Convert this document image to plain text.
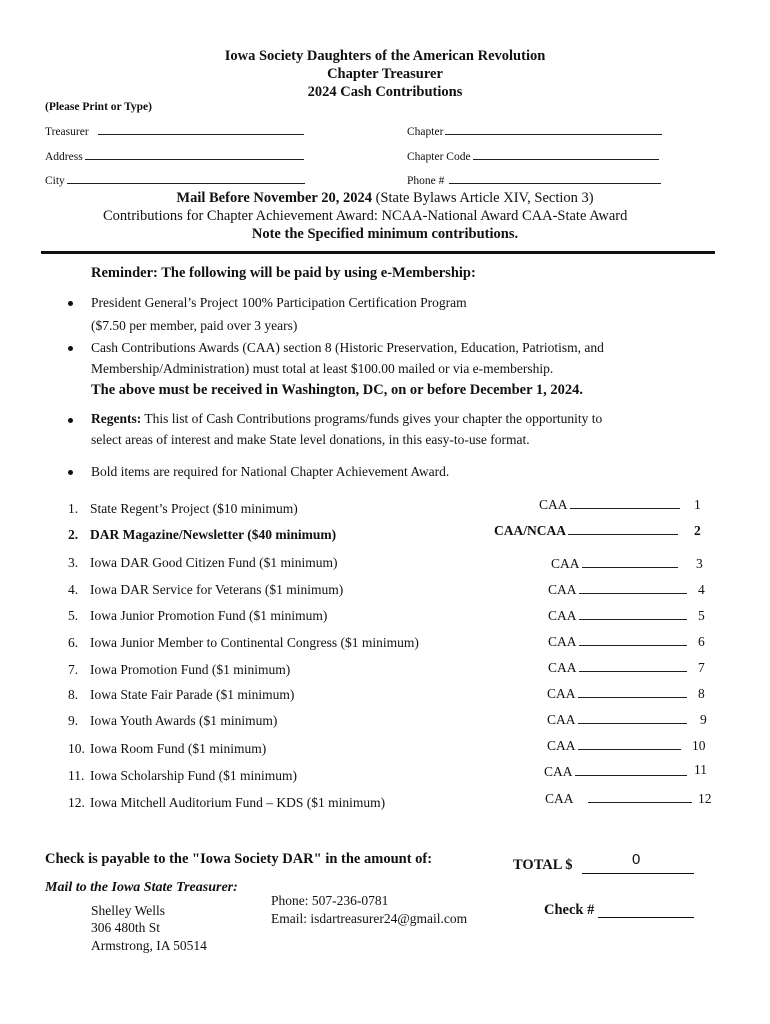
Iowa Society Daughters of the American Revolution
Chapter Treasurer
2024 Cash Contributions
(Please Print or Type)
Treasurer	Chapter
Address	Chapter Code
City	Phone #
Mail Before November 20, 2024 (State Bylaws Article XIV, Section 3)
Contributions for Chapter Achievement Award: NCAA-National Award CAA-State Award
Note the Specified minimum contributions.
Reminder: The following will be paid by using e-Membership:
President General’s Project 100% Participation Certification Program
($7.50 per member, paid over 3 years)
Cash Contributions Awards (CAA) section 8 (Historic Preservation, Education, Patriotism, and
Membership/Administration) must total at least $100.00 mailed or via e-membership.
The above must be received in Washington, DC, on or before December 1, 2024.
Regents: This list of Cash Contributions programs/funds gives your chapter the opportunity to
select areas of interest and make State level donations, in this easy-to-use format.
Bold items are required for National Chapter Achievement Award.
1. State Regent’s Project ($10 minimum)	CAA	1
2. DAR Magazine/Newsletter ($40 minimum)	CAA/NCAA	2
3. Iowa DAR Good Citizen Fund ($1 minimum)	CAA	3
4. Iowa DAR Service for Veterans ($1 minimum)	CAA	4
5. Iowa Junior Promotion Fund ($1 minimum)	CAA	5
6. Iowa Junior Member to Continental Congress ($1 minimum)	CAA	6
7. Iowa Promotion Fund ($1 minimum)	CAA	7
8. Iowa State Fair Parade ($1 minimum)	CAA	8
9. Iowa Youth Awards ($1 minimum)	CAA	9
10. Iowa Room Fund ($1 minimum)	CAA	10
11. Iowa Scholarship Fund ($1 minimum)	CAA	11
12. Iowa Mitchell Auditorium Fund – KDS ($1 minimum)	CAA	12
Check is payable to the "Iowa Society DAR" in the amount of:	TOTAL $	0
Mail to the Iowa State Treasurer:
Shelley Wells
306 480th St
Armstrong, IA 50514
Phone: 507-236-0781
Email: isdartreasurer24@gmail.com
Check #
